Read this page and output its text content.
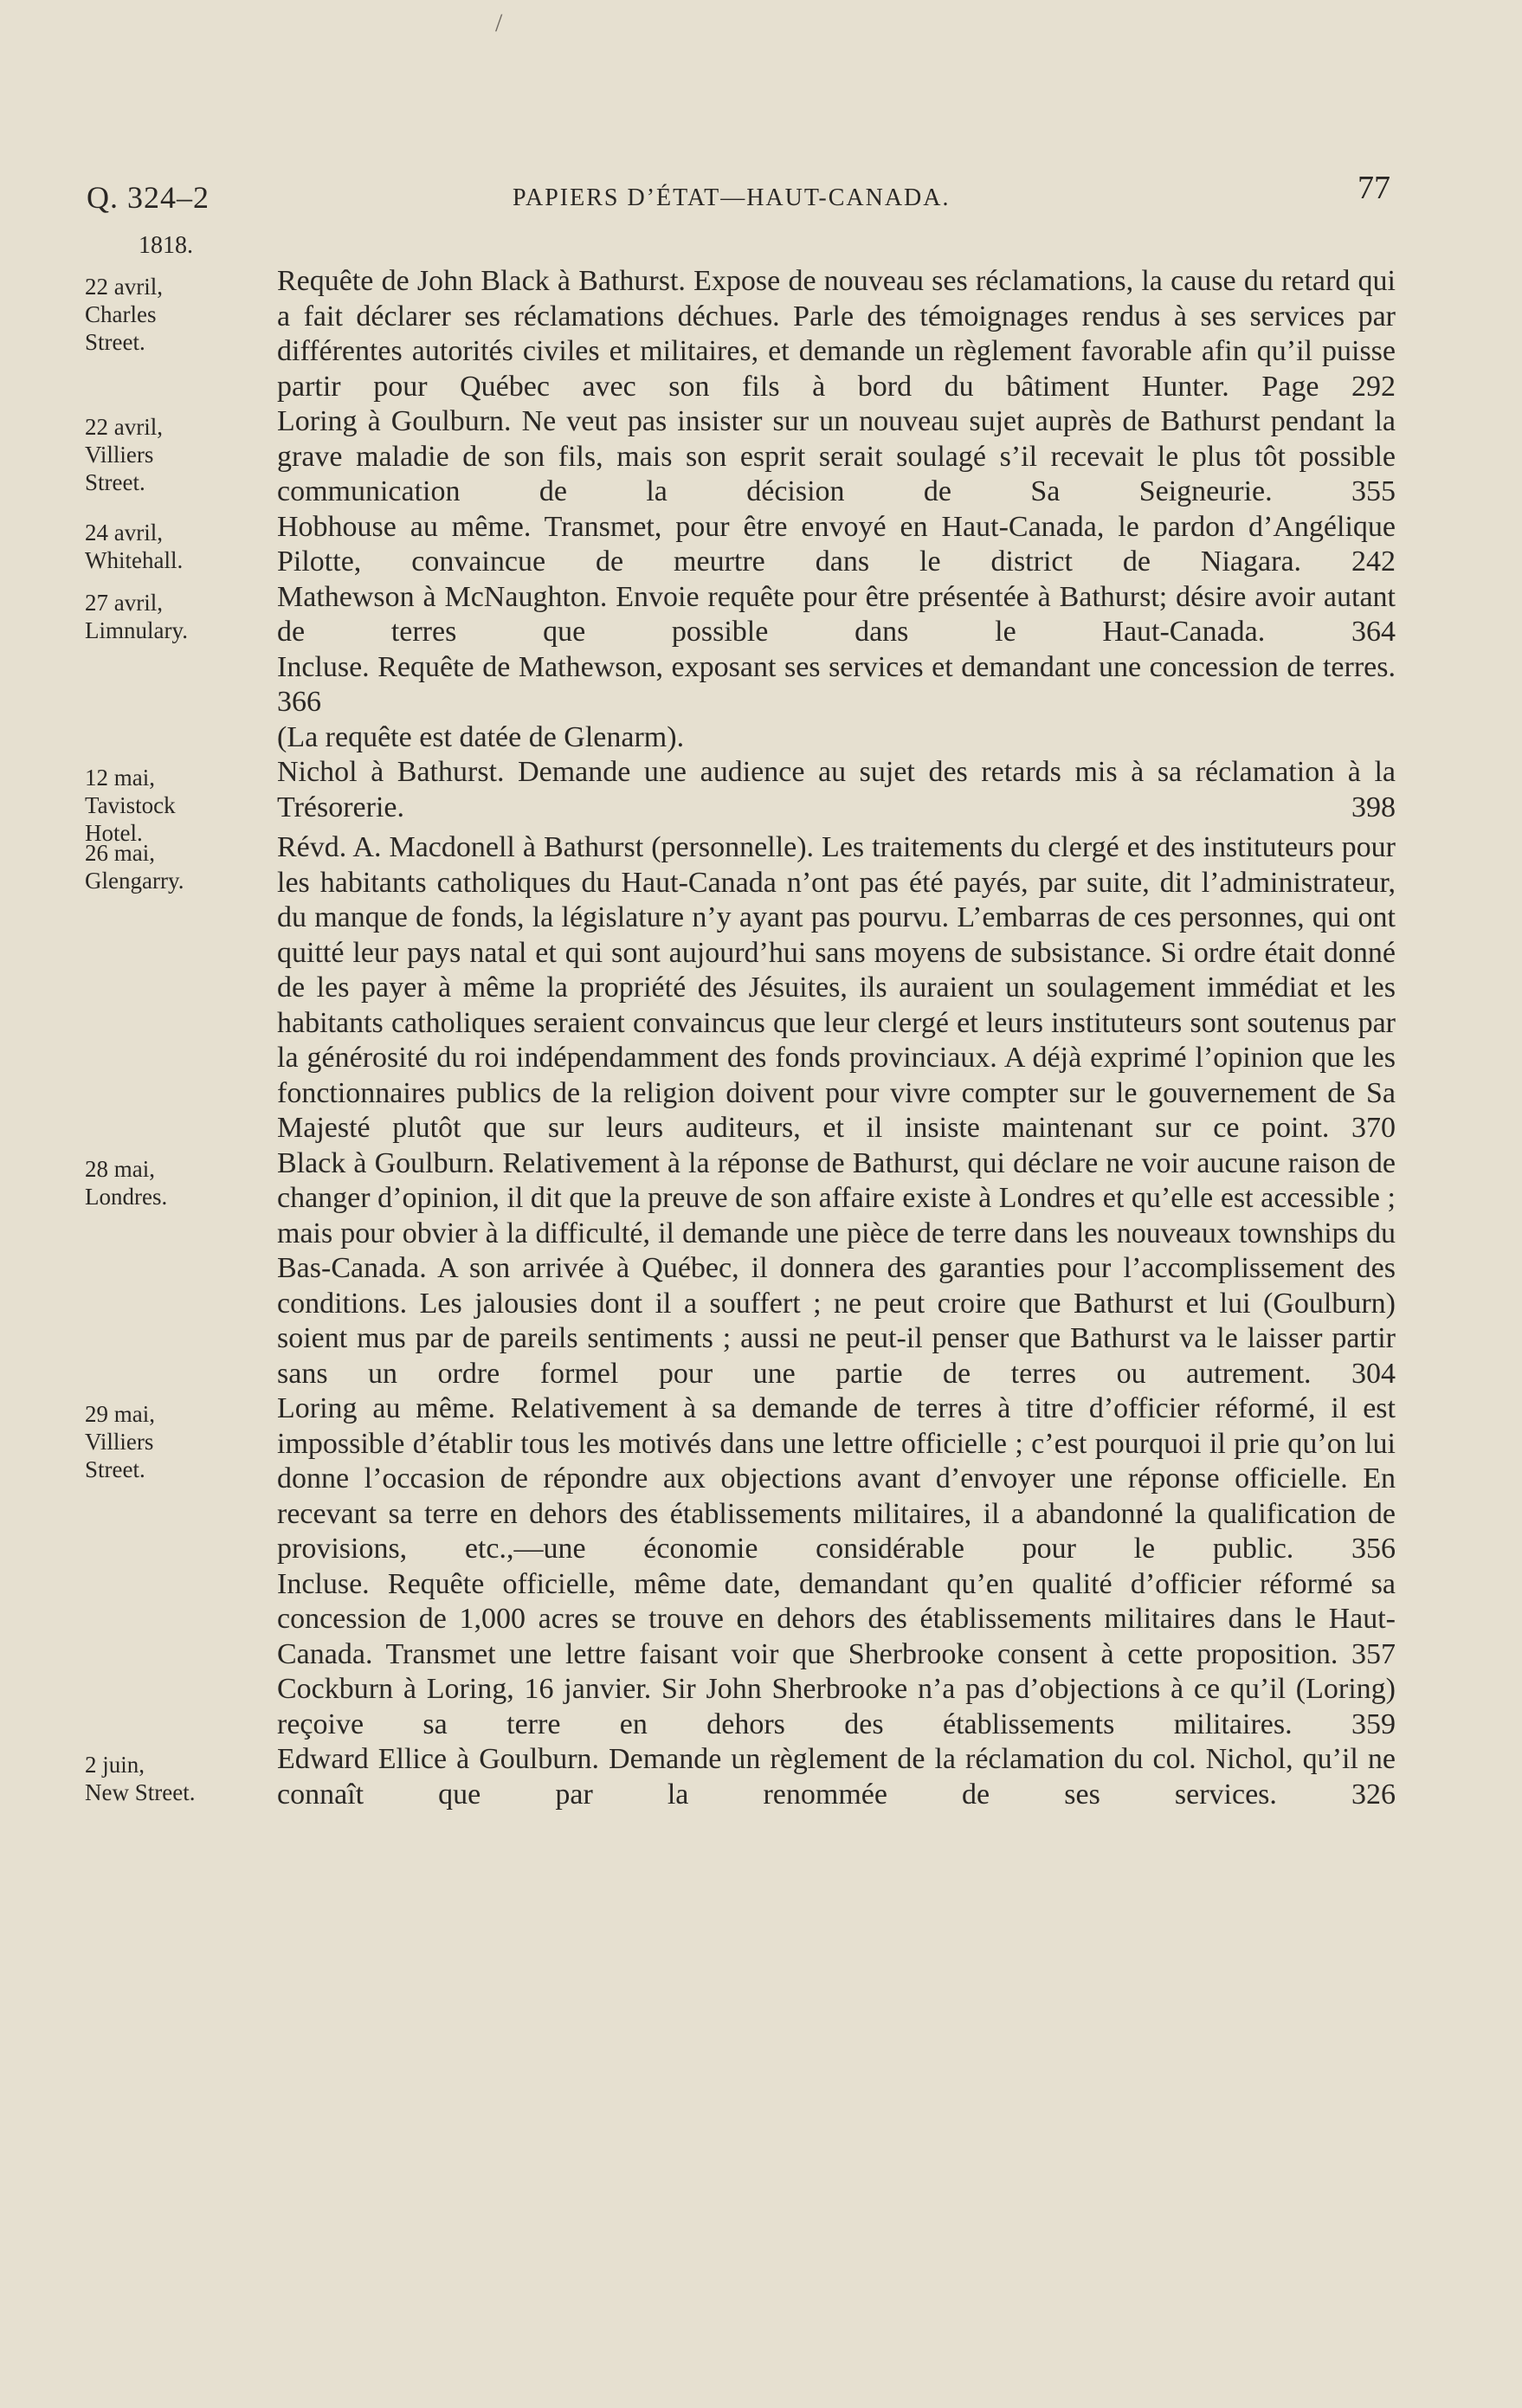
/
Q. 324–2	PAPIERS D’ÉTAT—HAUT-CANADA.	77
1818.
22 avril,
Charles
Street.
Requête de John Black à Bathurst. Expose de nouveau ses réclamations, la cause du retard qui a fait déclarer ses réclamations déchues. Parle des témoignages rendus à ses services par différentes autorités civiles et militaires, et demande un règlement favorable afin qu’il puisse partir pour Québec avec son fils à bord du bâtiment Hunter. Page 292
22 avril,
Villiers
Street.
Loring à Goulburn. Ne veut pas insister sur un nouveau sujet auprès de Bathurst pendant la grave maladie de son fils, mais son esprit serait soulagé s’il recevait le plus tôt possible communication de la décision de Sa Seigneurie. 355
24 avril,
Whitehall.
Hobhouse au même. Transmet, pour être envoyé en Haut-Canada, le pardon d’Angélique Pilotte, convaincue de meurtre dans le district de Niagara. 242
27 avril,
Limnulary.
Mathewson à McNaughton. Envoie requête pour être présentée à Bathurst; désire avoir autant de terres que possible dans le Haut-Canada. 364
Incluse. Requête de Mathewson, exposant ses services et demandant une concession de terres. 366
(La requête est datée de Glenarm).
12 mai,
Tavistock
Hotel.
Nichol à Bathurst. Demande une audience au sujet des retards mis à sa réclamation à la Trésorerie. 398
26 mai,
Glengarry.
Révd. A. Macdonell à Bathurst (personnelle). Les traitements du clergé et des instituteurs pour les habitants catholiques du Haut-Canada n’ont pas été payés, par suite, dit l’administrateur, du manque de fonds, la législature n’y ayant pas pourvu. L’embarras de ces personnes, qui ont quitté leur pays natal et qui sont aujourd’hui sans moyens de subsistance. Si ordre était donné de les payer à même la propriété des Jésuites, ils auraient un soulagement immédiat et les habitants catholiques seraient convaincus que leur clergé et leurs instituteurs sont soutenus par la générosité du roi indépendamment des fonds provinciaux. A déjà exprimé l’opinion que les fonctionnaires publics de la religion doivent pour vivre compter sur le gouvernement de Sa Majesté plutôt que sur leurs auditeurs, et il insiste maintenant sur ce point. 370
28 mai,
Londres.
Black à Goulburn. Relativement à la réponse de Bathurst, qui déclare ne voir aucune raison de changer d’opinion, il dit que la preuve de son affaire existe à Londres et qu’elle est accessible ; mais pour obvier à la difficulté, il demande une pièce de terre dans les nouveaux townships du Bas-Canada. A son arrivée à Québec, il donnera des garanties pour l’accomplissement des conditions. Les jalousies dont il a souffert ; ne peut croire que Bathurst et lui (Goulburn) soient mus par de pareils sentiments ; aussi ne peut-il penser que Bathurst va le laisser partir sans un ordre formel pour une partie de terres ou autrement. 304
29 mai,
Villiers
Street.
Loring au même. Relativement à sa demande de terres à titre d’officier réformé, il est impossible d’établir tous les motivés dans une lettre officielle ; c’est pourquoi il prie qu’on lui donne l’occasion de répondre aux objections avant d’envoyer une réponse officielle. En recevant sa terre en dehors des établissements militaires, il a abandonné la qualification de provisions, etc.,—une économie considérable pour le public. 356
Incluse. Requête officielle, même date, demandant qu’en qualité d’officier réformé sa concession de 1,000 acres se trouve en dehors des établissements militaires dans le Haut-Canada. Transmet une lettre faisant voir que Sherbrooke consent à cette proposition. 357
Cockburn à Loring, 16 janvier. Sir John Sherbrooke n’a pas d’objections à ce qu’il (Loring) reçoive sa terre en dehors des établissements militaires. 359
2 juin,
New Street.
Edward Ellice à Goulburn. Demande un règlement de la réclamation du col. Nichol, qu’il ne connaît que par la renommée de ses services. 326
